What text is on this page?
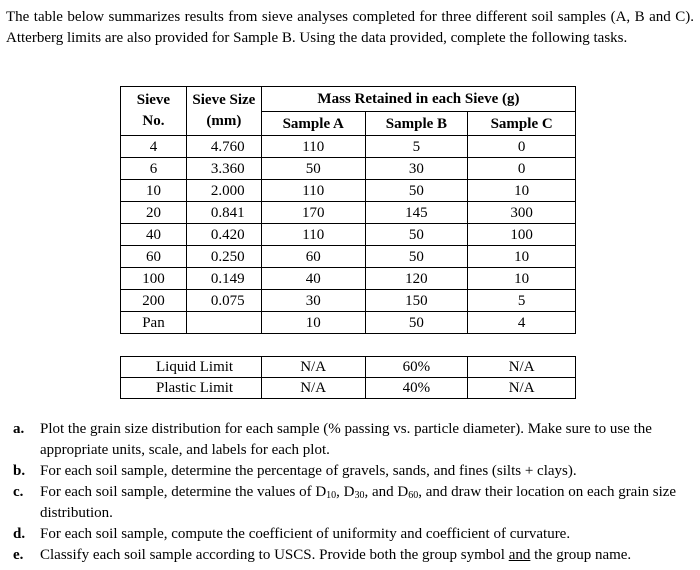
The table below summarizes results from sieve analyses completed for three different soil samples (A, B and C). Atterberg limits are also provided for Sample B. Using the data provided, complete the following tasks.
Sieve No.	Sieve Size (mm)	Mass Retained in each Sieve (g)		
		Sample A	Sample B	Sample C
4	4.760	110	5	0
6	3.360	50	30	0
10	2.000	110	50	10
20	0.841	170	145	300
40	0.420	110	50	100
60	0.250	60	50	10
100	0.149	40	120	10
200	0.075	30	150	5
Pan		10	50	4
Liquid Limit	N/A	60%	N/A
Plastic Limit	N/A	40%	N/A
a. Plot the grain size distribution for each sample (% passing vs. particle diameter). Make sure to use the appropriate units, scale, and labels for each plot.
b. For each soil sample, determine the percentage of gravels, sands, and fines (silts + clays).
c. For each soil sample, determine the values of $D_{10}$, $D_{30}$, and $D_{60}$, and draw their location on each grain size distribution.
d. For each soil sample, compute the coefficient of uniformity and coefficient of curvature.
e. Classify each soil sample according to USCS. Provide both the group symbol and the group name.
